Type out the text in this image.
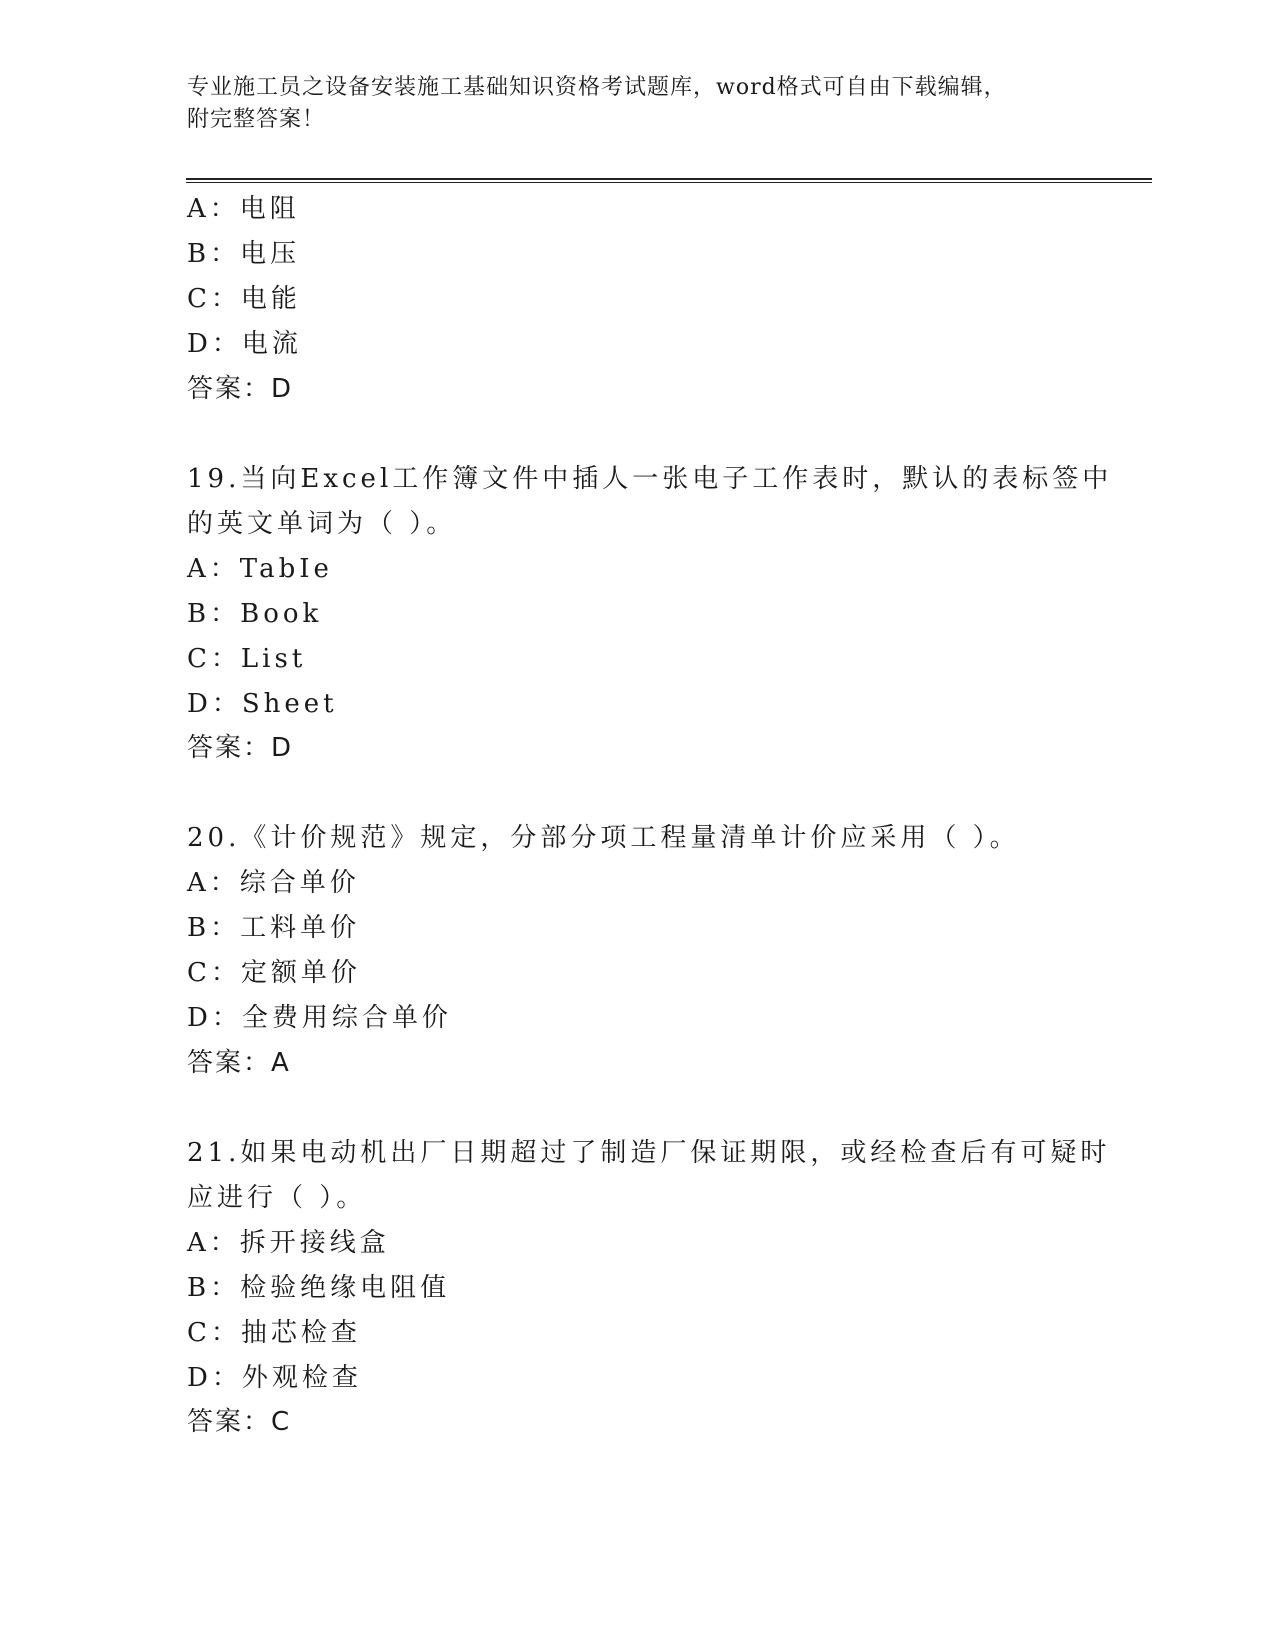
专业施工员之设备安装施工基础知识资格考试题库，word格式可自由下载编辑，
附完整答案！
A：电阻
B：电压
C：电能
D：电流
答案：D
19.当向Excel工作簿文件中插人一张电子工作表时，默认的表标签中
的英文单词为（ ）。
A：TabIe
B：Book
C：List
D：Sheet
答案：D
20.《计价规范》规定，分部分项工程量清单计价应采用（ ）。
A：综合单价
B：工料单价
C：定额单价
D：全费用综合单价
答案：A
21.如果电动机出厂日期超过了制造厂保证期限，或经检查后有可疑时
应进行（ ）。
A：拆开接线盒
B：检验绝缘电阻值
C：抽芯检查
D：外观检查
答案：C
